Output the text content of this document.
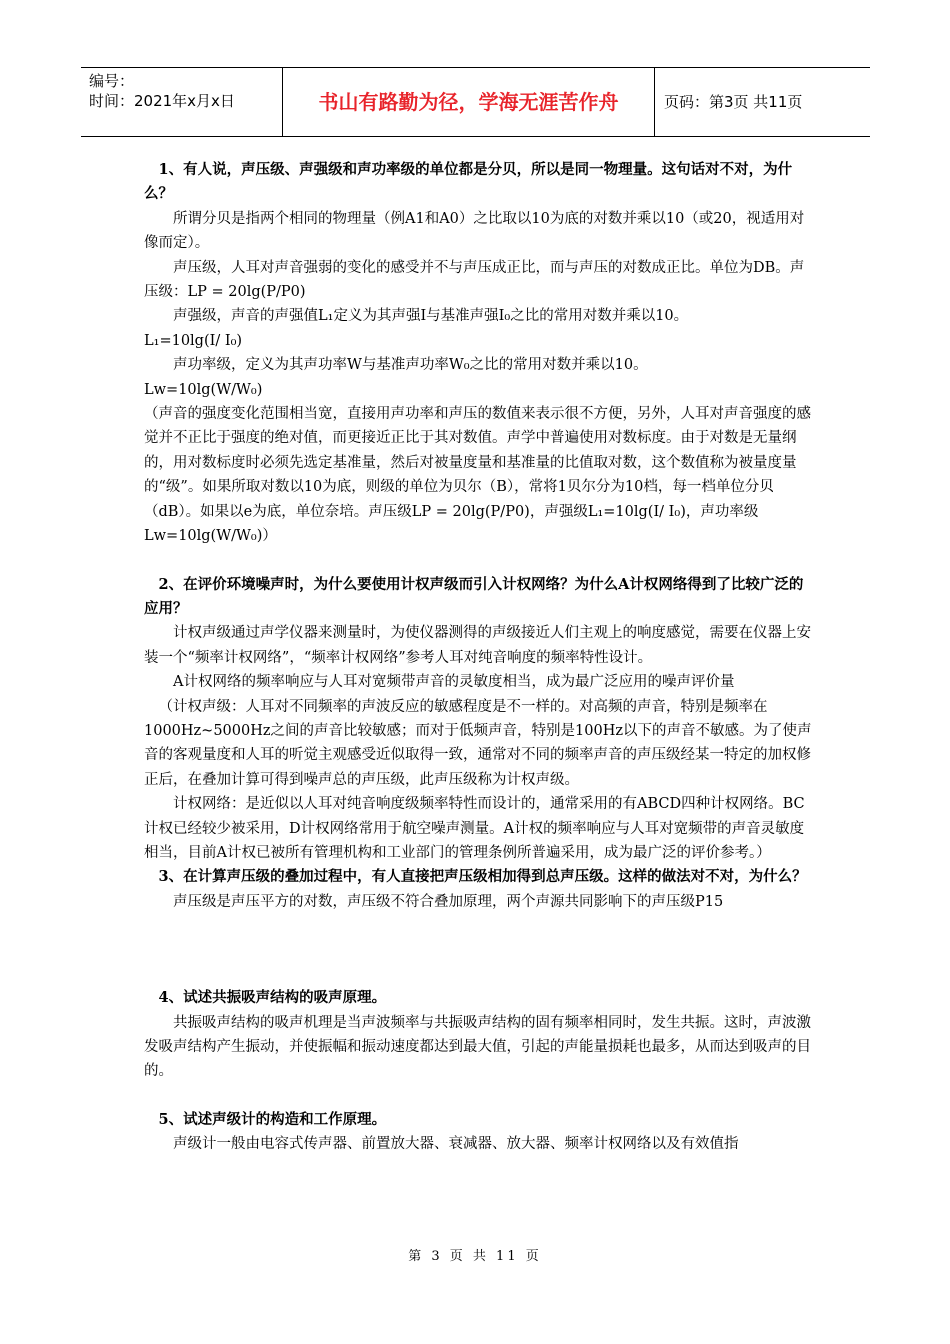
编号：
时间：2021年x月x日	书山有路勤为径，学海无涯苦作舟	页码：第3页 共11页

1、有人说，声压级、声强级和声功率级的单位都是分贝，所以是同一物理量。这句话对不对，为什么？

所谓分贝是指两个相同的物理量（例A1和A0）之比取以10为底的对数并乘以10（或20，视适用对像而定）。

声压级，人耳对声音强弱的变化的感受并不与声压成正比，而与声压的对数成正比。单位为DB。声压级：LP = 20lg(P/P0)

声强级，声音的声强值L₁定义为其声强I与基准声强I₀之比的常用对数并乘以10。

L₁=10lg(I/ I₀)

声功率级，定义为其声功率W与基准声功率W₀之比的常用对数并乘以10。

Lw=10lg(W/W₀)

（声音的强度变化范围相当宽，直接用声功率和声压的数值来表示很不方便，另外，人耳对声音强度的感觉并不正比于强度的绝对值，而更接近正比于其对数值。声学中普遍使用对数标度。由于对数是无量纲的，用对数标度时必须先选定基准量，然后对被量度量和基准量的比值取对数，这个数值称为被量度量的“级”。如果所取对数以10为底，则级的单位为贝尔（B），常将1贝尔分为10档，每一档单位分贝（dB）。如果以e为底，单位奈培。声压级LP = 20lg(P/P0)，声强级L₁=10lg(I/ I₀)，声功率级Lw=10lg(W/W₀)）

2、在评价环境噪声时，为什么要使用计权声级而引入计权网络？为什么A计权网络得到了比较广泛的应用？

计权声级通过声学仪器来测量时，为使仪器测得的声级接近人们主观上的响度感觉，需要在仪器上安装一个“频率计权网络”，“频率计权网络”参考人耳对纯音响度的频率特性设计。

A计权网络的频率响应与人耳对宽频带声音的灵敏度相当，成为最广泛应用的噪声评价量

（计权声级：人耳对不同频率的声波反应的敏感程度是不一样的。对高频的声音，特别是频率在1000Hz~5000Hz之间的声音比较敏感；而对于低频声音，特别是100Hz以下的声音不敏感。为了使声音的客观量度和人耳的听觉主观感受近似取得一致，通常对不同的频率声音的声压级经某一特定的加权修正后，在叠加计算可得到噪声总的声压级，此声压级称为计权声级。

计权网络：是近似以人耳对纯音响度级频率特性而设计的，通常采用的有ABCD四种计权网络。BC计权已经较少被采用，D计权网络常用于航空噪声测量。A计权的频率响应与人耳对宽频带的声音灵敏度相当，目前A计权已被所有管理机构和工业部门的管理条例所普遍采用，成为最广泛的评价参考。）

3、在计算声压级的叠加过程中，有人直接把声压级相加得到总声压级。这样的做法对不对，为什么？

声压级是声压平方的对数，声压级不符合叠加原理，两个声源共同影响下的声压级P15

4、试述共振吸声结构的吸声原理。

共振吸声结构的吸声机理是当声波频率与共振吸声结构的固有频率相同时，发生共振。这时，声波激发吸声结构产生振动，并使振幅和振动速度都达到最大值，引起的声能量损耗也最多，从而达到吸声的目的。

5、试述声级计的构造和工作原理。

声级计一般由电容式传声器、前置放大器、衰减器、放大器、频率计权网络以及有效值指

第 3 页 共 11 页
